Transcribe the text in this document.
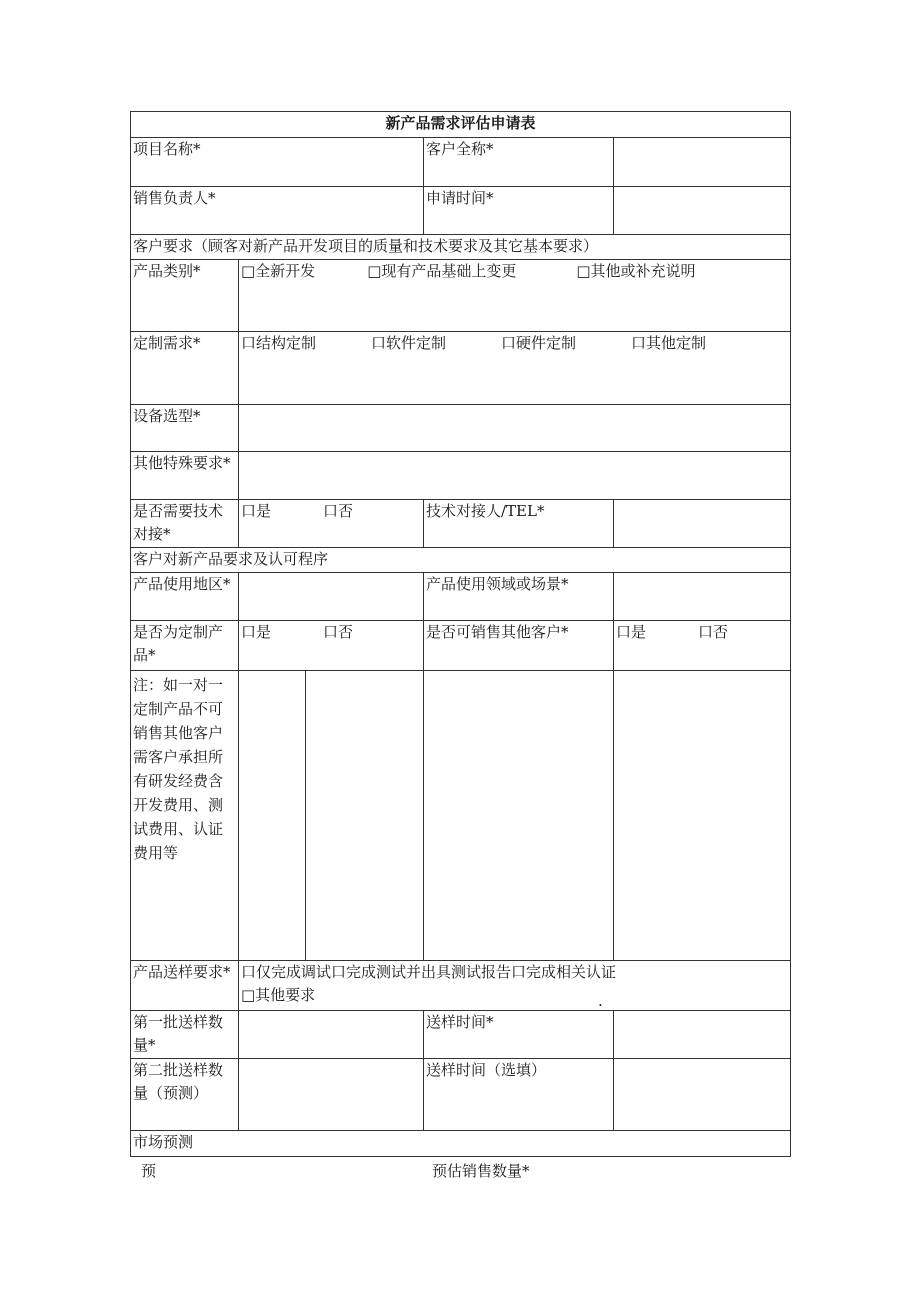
新产品需求评估申请表				
项目名称*			客户全称*	
销售负责人*			申请时间*	
客户要求（顾客对新产品开发项目的质量和技术要求及其它基本要求）				
产品类别*	□全新开发 □现有产品基础上变更 □其他或补充说明			
定制需求*	口结构定制 口软件定制 口硬件定制 口其他定制			
设备选型*				
其他特殊要求*				
是否需要技术对接*	口是 口否		技术对接人/TEL*	
客户对新产品要求及认可程序				
产品使用地区*			产品使用领域或场景*	
是否为定制产品*	口是 口否		是否可销售其他客户*	口是 口否

注：如一对一定制产品不可销售其他客户需客户承担所有研发经费含开发费用、测试费用、认证费用等				

产品送样要求*	口仅完成调试口完成测试并出具测试报告口完成相关认证
□其他要求			

第一批送样数量*			送样时间*	
第二批送样数量（预测）			送样时间（选填）	
市场预测				
.
预	预估销售数量*
